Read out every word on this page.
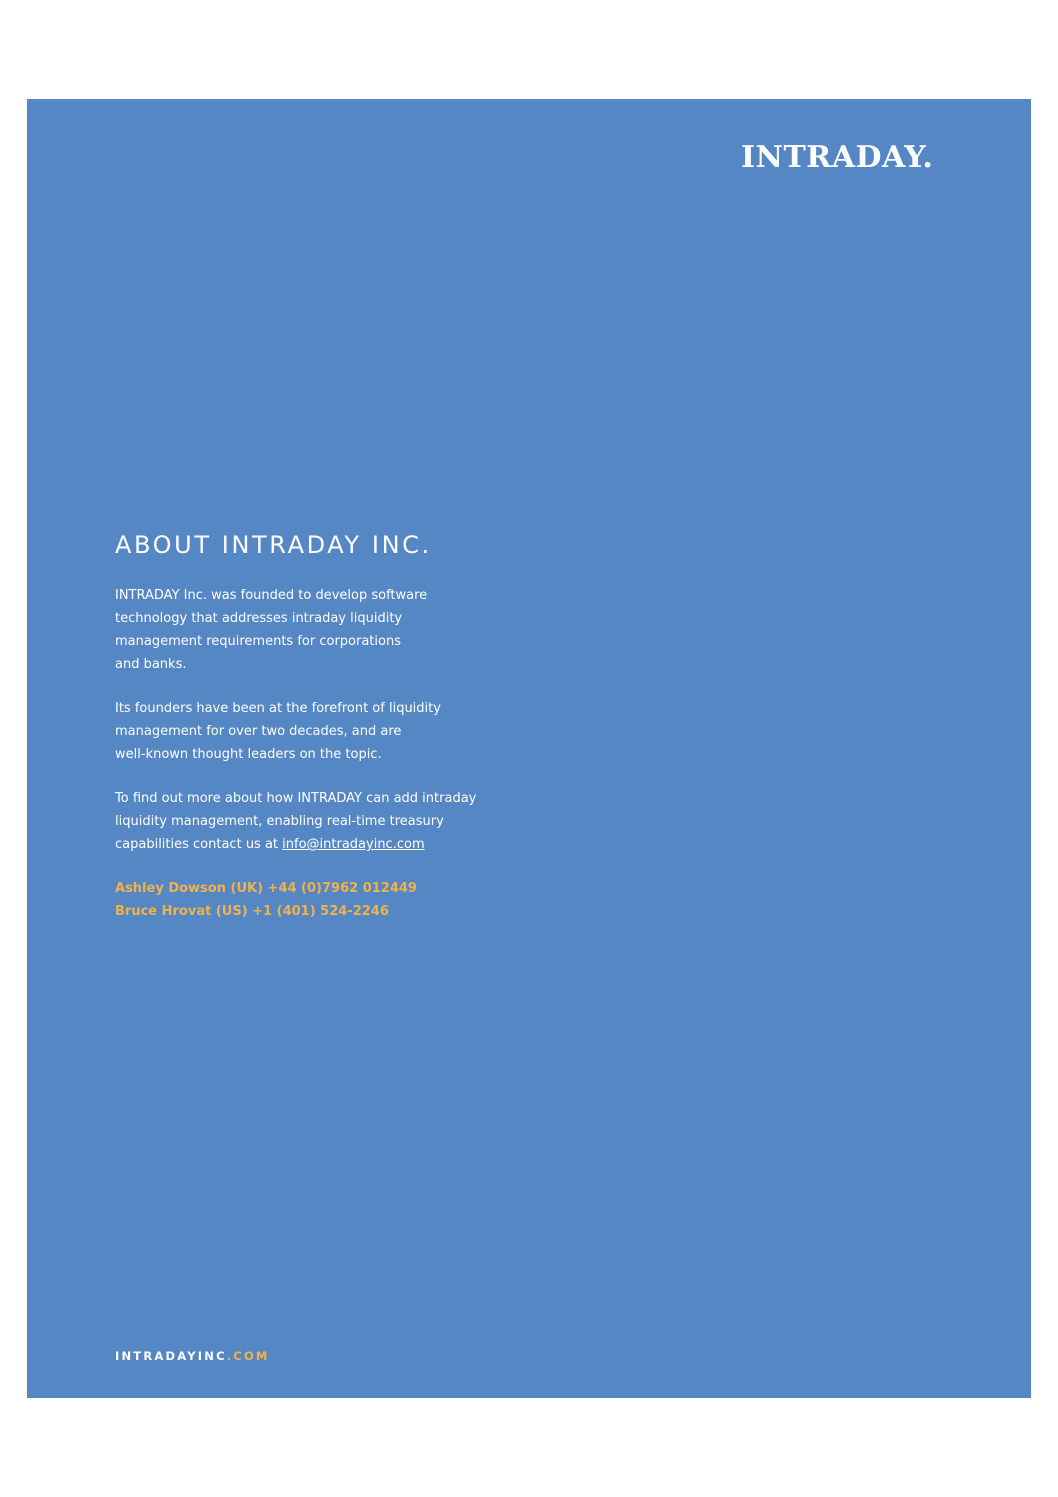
INTRADAY.
ABOUT INTRADAY INC.

INTRADAY Inc. was founded to develop software
technology that addresses intraday liquidity
management requirements for corporations
and banks.

Its founders have been at the forefront of liquidity
management for over two decades, and are
well-known thought leaders on the topic.

To find out more about how INTRADAY can add intraday
liquidity management, enabling real-time treasury
capabilities contact us at info@intradayinc.com

Ashley Dowson (UK) +44 (0)7962 012449
Bruce Hrovat (US) +1 (401) 524-2246
INTRADAYINC.COM
